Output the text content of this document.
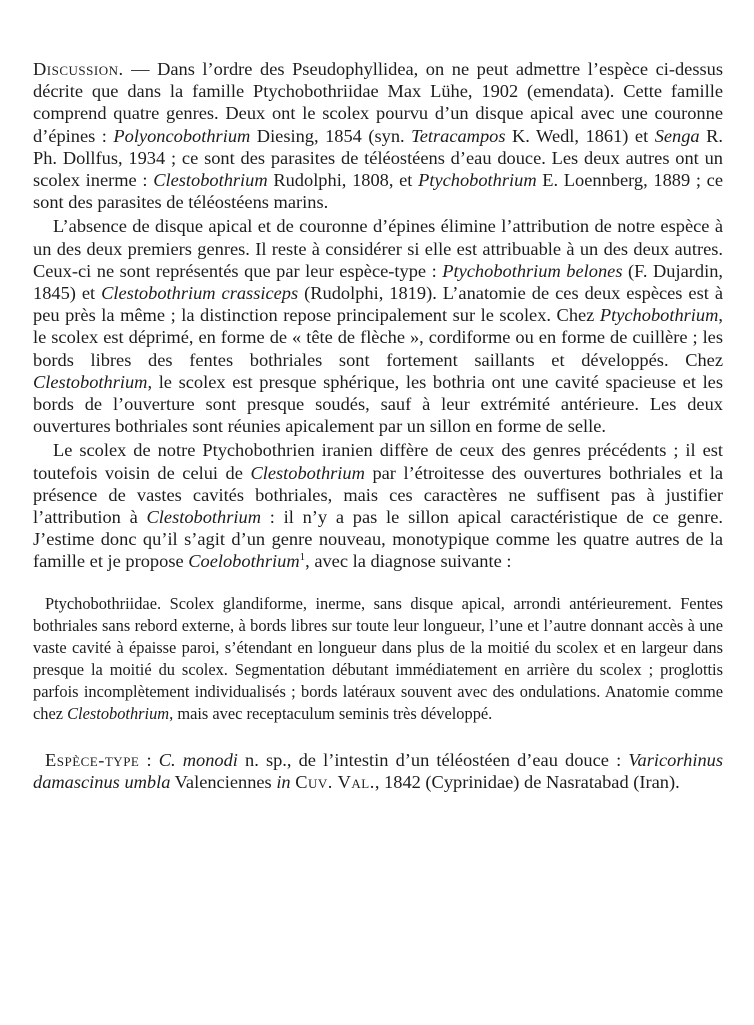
Discussion. — Dans l’ordre des Pseudophyllidea, on ne peut admettre l’espèce ci-dessus décrite que dans la famille Ptychobothriidae Max Lühe, 1902 (emendata). Cette famille comprend quatre genres. Deux ont le scolex pourvu d’un disque apical avec une couronne d’épines : Polyoncobothrium Diesing, 1854 (syn. Tetracampos K. Wedl, 1861) et Senga R. Ph. Dollfus, 1934 ; ce sont des parasites de téléostéens d’eau douce. Les deux autres ont un scolex inerme : Clestobothrium Rudolphi, 1808, et Ptychobothrium E. Loennberg, 1889 ; ce sont des parasites de téléostéens marins.

L’absence de disque apical et de couronne d’épines élimine l’attribution de notre espèce à un des deux premiers genres. Il reste à considérer si elle est attribuable à un des deux autres. Ceux-ci ne sont représentés que par leur espèce-type : Ptychobothrium belones (F. Dujardin, 1845) et Clestobothrium crassiceps (Rudolphi, 1819). L’anatomie de ces deux espèces est à peu près la même ; la distinction repose principalement sur le scolex. Chez Ptychobothrium, le scolex est déprimé, en forme de « tête de flèche », cordiforme ou en forme de cuillère ; les bords libres des fentes bothriales sont fortement saillants et développés. Chez Clestobothrium, le scolex est presque sphérique, les bothria ont une cavité spacieuse et les bords de l’ouverture sont presque soudés, sauf à leur extrémité antérieure. Les deux ouvertures bothriales sont réunies apicalement par un sillon en forme de selle.

Le scolex de notre Ptychobothrien iranien diffère de ceux des genres précédents ; il est toutefois voisin de celui de Clestobothrium par l’étroitesse des ouvertures bothriales et la présence de vastes cavités bothriales, mais ces caractères ne suffisent pas à justifier l’attribution à Clestobothrium : il n’y a pas le sillon apical caractéristique de ce genre. J’estime donc qu’il s’agit d’un genre nouveau, monotypique comme les quatre autres de la famille et je propose Coelobothrium$^1$, avec la diagnose suivante :

Ptychobothriidae. Scolex glandiforme, inerme, sans disque apical, arrondi antérieurement. Fentes bothriales sans rebord externe, à bords libres sur toute leur longueur, l’une et l’autre donnant accès à une vaste cavité à épaisse paroi, s’étendant en longueur dans plus de la moitié du scolex et en largeur dans presque la moitié du scolex. Segmentation débutant immédiatement en arrière du scolex ; proglottis parfois incomplètement individualisés ; bords latéraux souvent avec des ondulations. Anatomie comme chez Clestobothrium, mais avec receptaculum seminis très développé.

Espèce-type : C. monodi n. sp., de l’intestin d’un téléostéen d’eau douce : Varicorhinus damascinus umbla Valenciennes in Cuv. Val., 1842 (Cyprinidae) de Nasratabad (Iran).
